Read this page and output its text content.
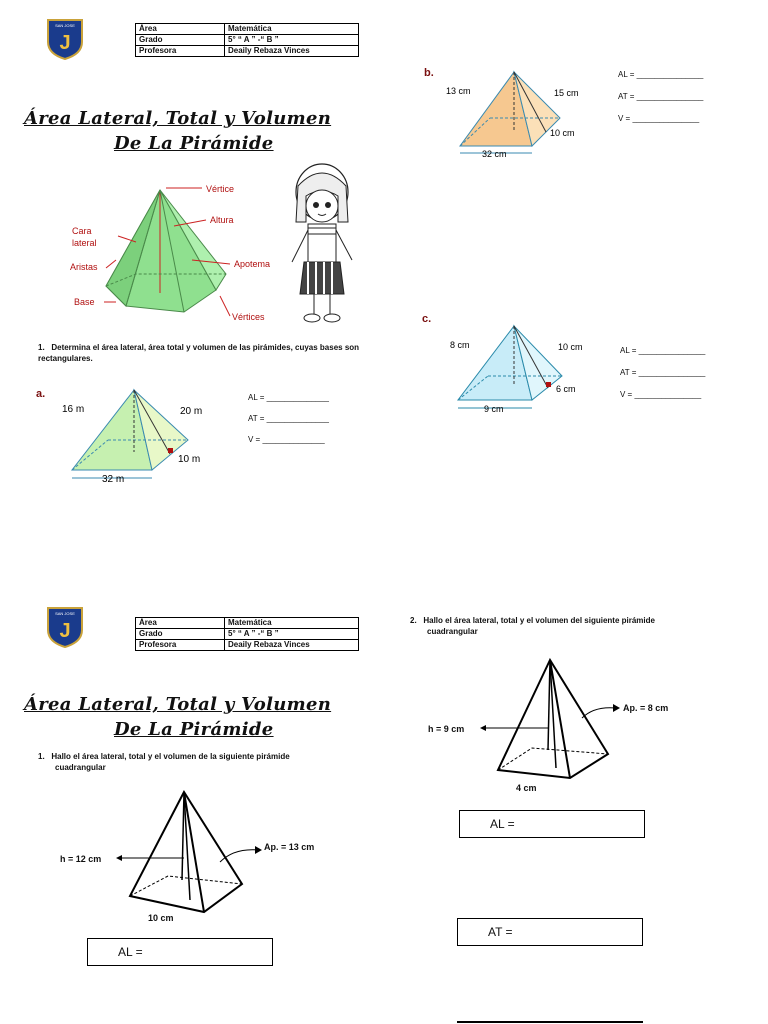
SAN JOSE
J
Área	Matemática
Grado	5° “ A ” -“ B ”
Profesora	Deaily Rebaza Vinces
Área Lateral, Total y Volumen
De La Pirámide
Vértice
Altura
Cara
lateral
Aristas	Apotema
Base
Vértices
1. Determina el área lateral, área total y volumen de las pirámides, cuyas bases son rectangulares.
a.
32 m
16 m	20 m
10 m
AL = ______________
AT = ______________
V = ______________
b.
32 cm
13 cm	15 cm
10 cm
AL = _______________
AT = _______________
V = _______________
c.
9 cm
8 cm	10 cm
6 cm
AL = _______________
AT = _______________
V = _______________
SAN JOSE
J	Área	Matemática
Grado	5° “ A ” -“ B ”
Profesora	Deaily Rebaza Vinces
Área Lateral, Total y Volumen
De La Pirámide
1. Hallo el área lateral, total y el volumen de la siguiente pirámide
cuadrangular
h = 12 cm
Ap. = 13 cm
10 cm
AL =
2. Hallo el área lateral, total y el volumen del siguiente pirámide
cuadrangular
h = 9 cm
Ap. = 8 cm
4 cm
AL =
AT =
